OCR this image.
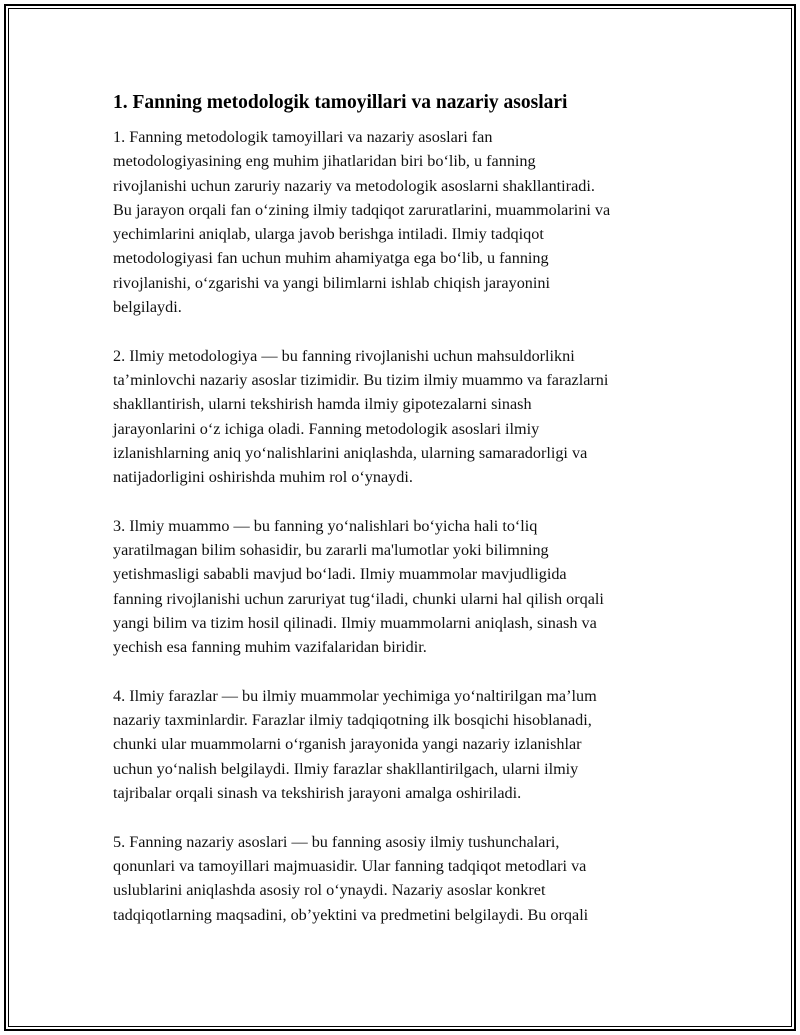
1. Fanning metodologik tamoyillari va nazariy asoslari

1. Fanning metodologik tamoyillari va nazariy asoslari fan
metodologiyasining eng muhim jihatlaridan biri bo‘lib, u fanning
rivojlanishi uchun zaruriy nazariy va metodologik asoslarni shakllantiradi.
Bu jarayon orqali fan o‘zining ilmiy tadqiqot zaruratlarini, muammolarini va
yechimlarini aniqlab, ularga javob berishga intiladi. Ilmiy tadqiqot
metodologiyasi fan uchun muhim ahamiyatga ega bo‘lib, u fanning
rivojlanishi, o‘zgarishi va yangi bilimlarni ishlab chiqish jarayonini
belgilaydi.

2. Ilmiy metodologiya — bu fanning rivojlanishi uchun mahsuldorlikni
ta’minlovchi nazariy asoslar tizimidir. Bu tizim ilmiy muammo va farazlarni
shakllantirish, ularni tekshirish hamda ilmiy gipotezalarni sinash
jarayonlarini o‘z ichiga oladi. Fanning metodologik asoslari ilmiy
izlanishlarning aniq yo‘nalishlarini aniqlashda, ularning samaradorligi va
natijadorligini oshirishda muhim rol o‘ynaydi.

3. Ilmiy muammo — bu fanning yo‘nalishlari bo‘yicha hali to‘liq
yaratilmagan bilim sohasidir, bu zararli ma'lumotlar yoki bilimning
yetishmasligi sababli mavjud bo‘ladi. Ilmiy muammolar mavjudligida
fanning rivojlanishi uchun zaruriyat tug‘iladi, chunki ularni hal qilish orqali
yangi bilim va tizim hosil qilinadi. Ilmiy muammolarni aniqlash, sinash va
yechish esa fanning muhim vazifalaridan biridir.

4. Ilmiy farazlar — bu ilmiy muammolar yechimiga yo‘naltirilgan ma’lum
nazariy taxminlardir. Farazlar ilmiy tadqiqotning ilk bosqichi hisoblanadi,
chunki ular muammolarni o‘rganish jarayonida yangi nazariy izlanishlar
uchun yo‘nalish belgilaydi. Ilmiy farazlar shakllantirilgach, ularni ilmiy
tajribalar orqali sinash va tekshirish jarayoni amalga oshiriladi.

5. Fanning nazariy asoslari — bu fanning asosiy ilmiy tushunchalari,
qonunlari va tamoyillari majmuasidir. Ular fanning tadqiqot metodlari va
uslublarini aniqlashda asosiy rol o‘ynaydi. Nazariy asoslar konkret
tadqiqotlarning maqsadini, ob’yektini va predmetini belgilaydi. Bu orqali
